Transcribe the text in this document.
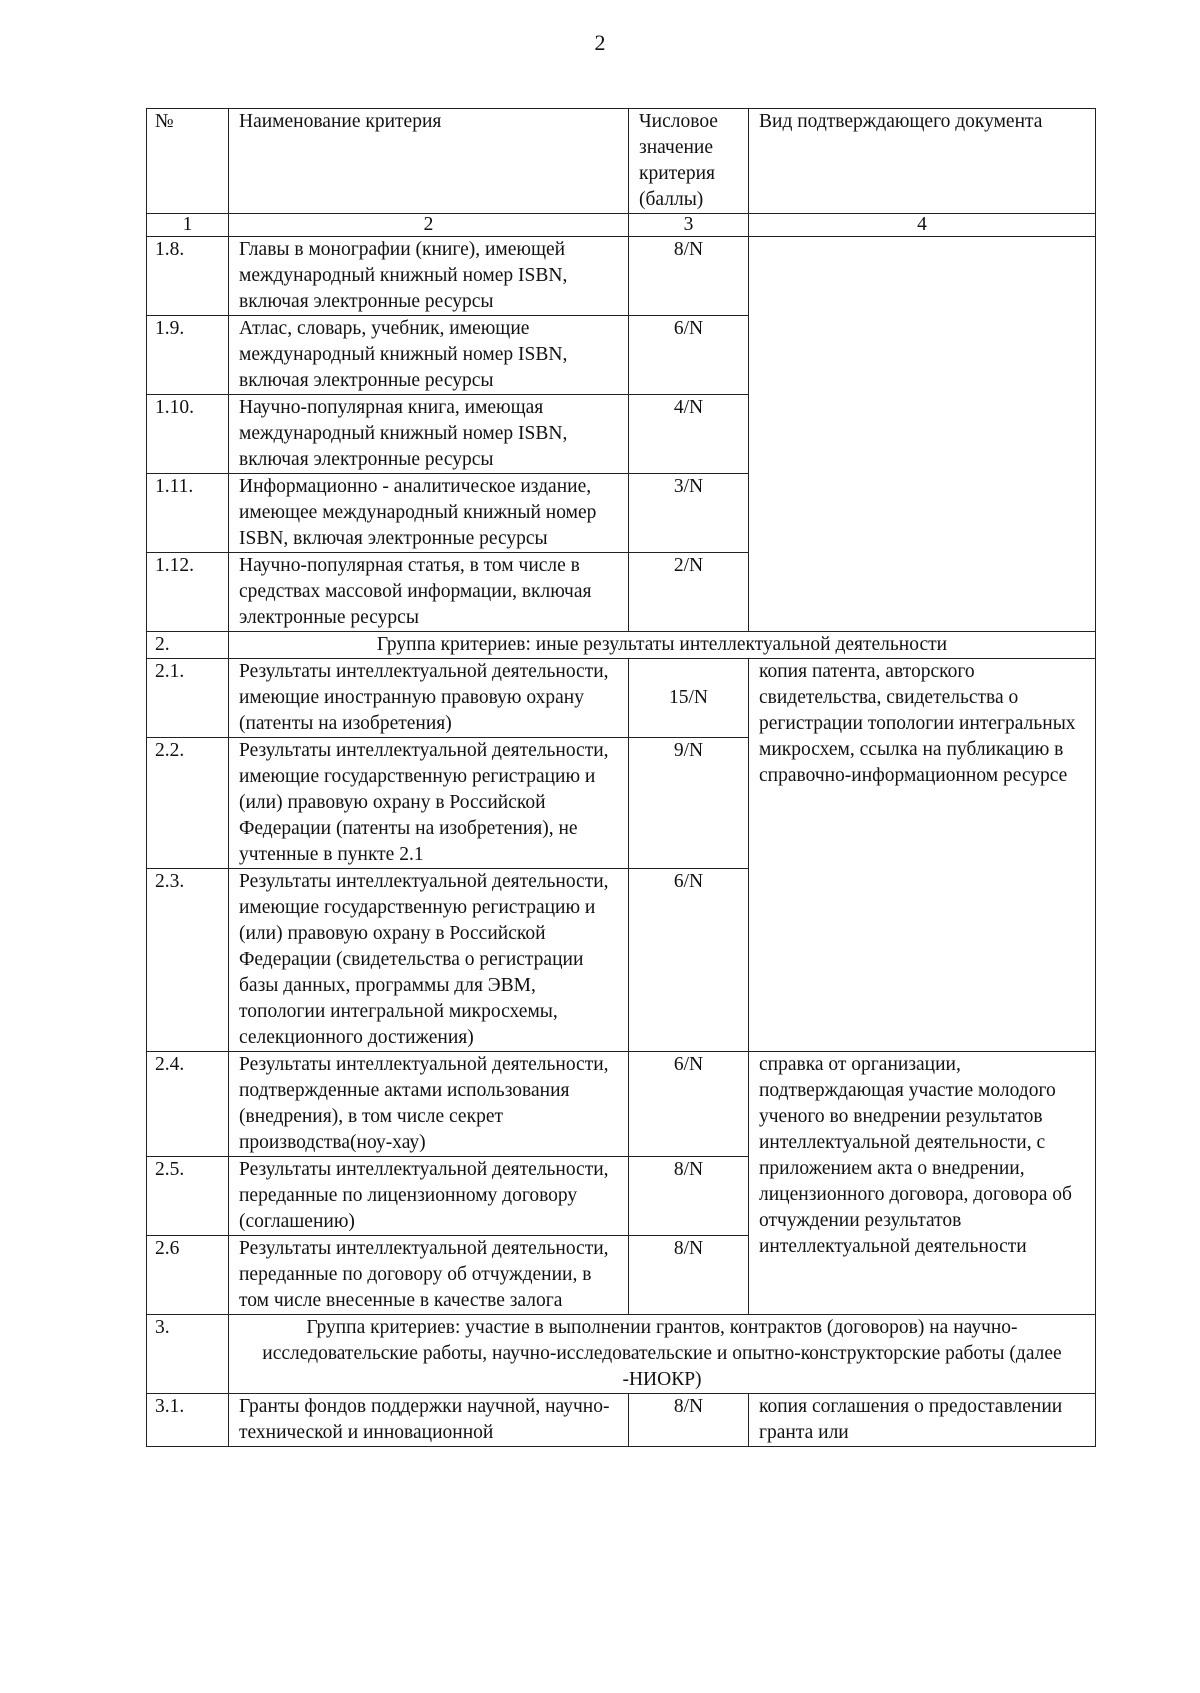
2
№	Наименование критерия	Числовое значение критерия (баллы)	Вид подтверждающего документа
1	2	3	4
1.8.	Главы в монографии (книге), имеющей международный книжный номер ISBN, включая электронные ресурсы	8/N	
1.9.	Атлас, словарь, учебник, имеющие международный книжный номер ISBN, включая электронные ресурсы	6/N	
1.10.	Научно-популярная книга, имеющая международный книжный номер ISBN, включая электронные ресурсы	4/N	
1.11.	Информационно - аналитическое издание, имеющее международный книжный номер ISBN, включая электронные ресурсы	3/N	
1.12.	Научно-популярная статья, в том числе в средствах массовой информации, включая электронные ресурсы	2/N	
2.	Группа критериев: иные результаты интеллектуальной деятельности		
2.1.	Результаты интеллектуальной деятельности, имеющие иностранную правовую охрану (патенты на изобретения)	15/N	копия патента, авторского свидетельства, свидетельства о регистрации топологии интегральных микросхем, ссылка на публикацию в справочно-информационном ресурсе
2.2.	Результаты интеллектуальной деятельности, имеющие государственную регистрацию и (или) правовую охрану в Российской Федерации (патенты на изобретения), не учтенные в пункте 2.1	9/N	
2.3.	Результаты интеллектуальной деятельности, имеющие государственную регистрацию и (или) правовую охрану в Российской Федерации (свидетельства о регистрации базы данных, программы для ЭВМ, топологии интегральной микросхемы, селекционного достижения)	6/N	
2.4.	Результаты интеллектуальной деятельности, подтвержденные актами использования (внедрения), в том числе секрет производства(ноу-хау)	6/N	справка от организации, подтверждающая участие молодого ученого во внедрении результатов интеллектуальной деятельности, с приложением акта о внедрении, лицензионного договора, договора об отчуждении результатов интеллектуальной деятельности
2.5.	Результаты интеллектуальной деятельности, переданные по лицензионному договору (соглашению)	8/N	
2.6	Результаты интеллектуальной деятельности, переданные по договору об отчуждении, в том числе внесенные в качестве залога	8/N	
3.	Группа критериев: участие в выполнении грантов, контрактов (договоров) на научно-исследовательские работы, научно-исследовательские и опытно-конструкторские работы (далее -НИОКР)		
3.1.	Гранты фондов поддержки научной, научно-технической и инновационной	8/N	копия соглашения о предоставлении гранта или
